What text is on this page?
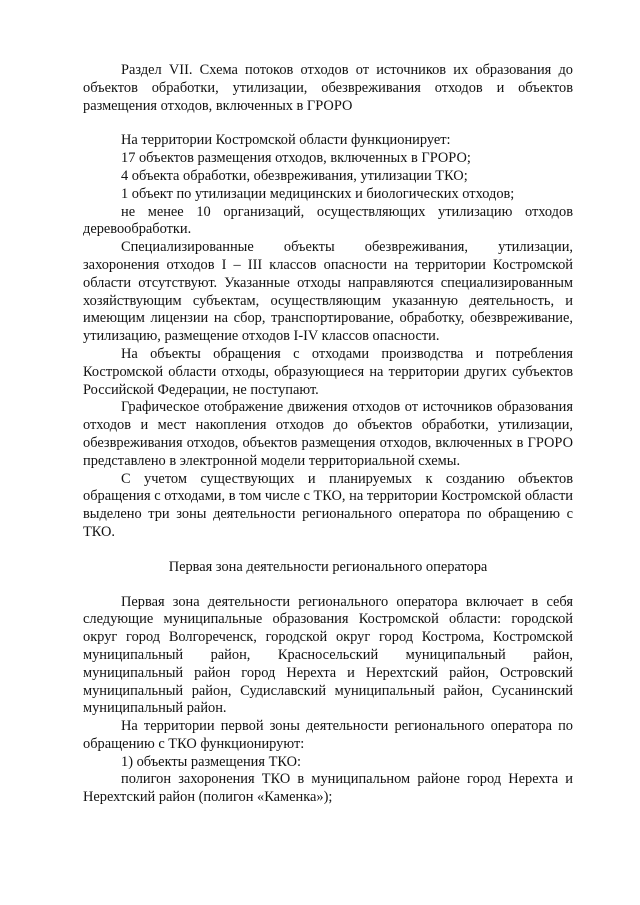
Раздел VII. Схема потоков отходов от источников их образования до объектов обработки, утилизации, обезвреживания отходов и объектов размещения отходов, включенных в ГРОРО

На территории Костромской области функционирует:

17 объектов размещения отходов, включенных в ГРОРО;

4 объекта обработки, обезвреживания, утилизации ТКО;

1 объект по утилизации медицинских и биологических отходов;

не менее 10 организаций, осуществляющих утилизацию отходов деревообработки.

Специализированные объекты обезвреживания, утилизации, захоронения отходов I – III классов опасности на территории Костромской области отсутствуют. Указанные отходы направляются специализированным хозяйствующим субъектам, осуществляющим указанную деятельность, и имеющим лицензии на сбор, транспортирование, обработку, обезвреживание, утилизацию, размещение отходов I-IV классов опасности.

На объекты обращения с отходами производства и потребления Костромской области отходы, образующиеся на территории других субъектов Российской Федерации, не поступают.

Графическое отображение движения отходов от источников образования отходов и мест накопления отходов до объектов обработки, утилизации, обезвреживания отходов, объектов размещения отходов, включенных в ГРОРО представлено в электронной модели территориальной схемы.

С учетом существующих и планируемых к созданию объектов обращения с отходами, в том числе с ТКО, на территории Костромской области выделено три зоны деятельности регионального оператора по обращению с ТКО.

Первая зона деятельности регионального оператора

Первая зона деятельности регионального оператора включает в себя следующие муниципальные образования Костромской области: городской округ город Волгореченск, городской округ город Кострома, Костромской муниципальный район, Красносельский муниципальный район, муниципальный район город Нерехта и Нерехтский район, Островский муниципальный район, Судиславский муниципальный район, Сусанинский муниципальный район.

На территории первой зоны деятельности регионального оператора по обращению с ТКО функционируют:

1) объекты размещения ТКО:

полигон захоронения ТКО в муниципальном районе город Нерехта и Нерехтский район (полигон «Каменка»);
